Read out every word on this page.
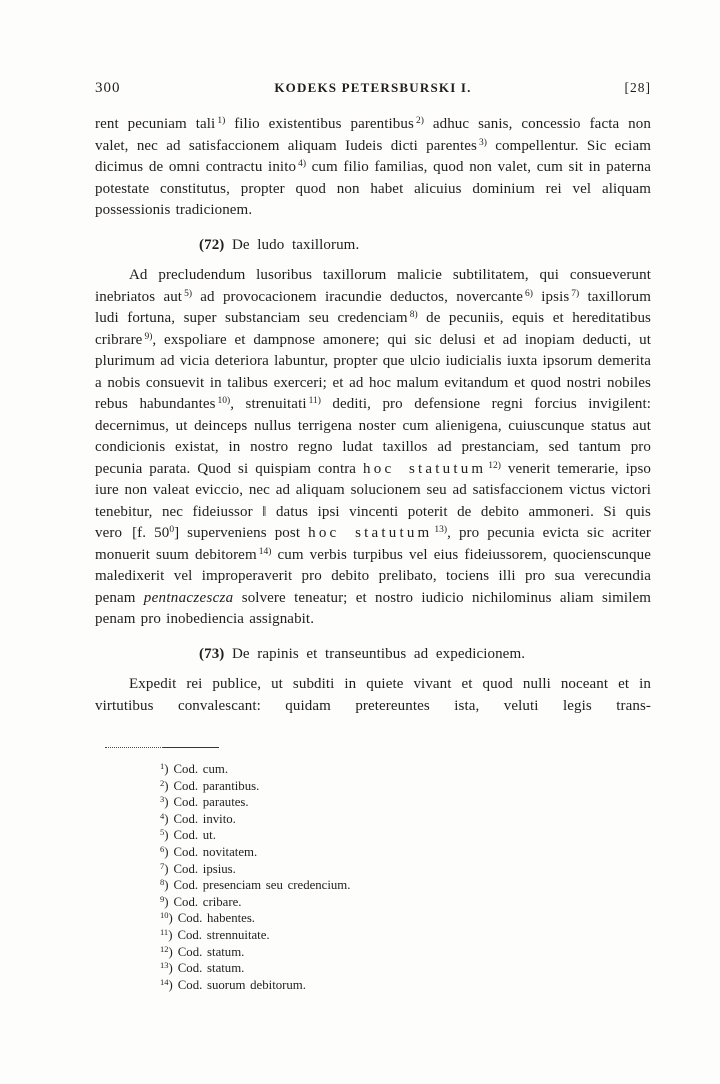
300	KODEKS PETERSBURSKI I.	[28]

rent pecuniam tali $^{1)}$ filio existentibus parentibus $^{2)}$ adhuc sanis, concessio facta non valet, nec ad satisfaccionem aliquam Iudeis dicti parentes $^{3)}$ compellentur. Sic eciam dicimus de omni contractu inito $^{4)}$ cum filio familias, quod non valet, cum sit in paterna potestate constitutus, propter quod non habet alicuius dominium rei vel aliquam possessionis tradicionem.

(72) De ludo taxillorum.

Ad precludendum lusoribus taxillorum malicie subtilitatem, qui consueverunt inebriatos aut $^{5)}$ ad provocacionem iracundie deductos, novercante $^{6)}$ ipsis $^{7)}$ taxillorum ludi fortuna, super substanciam seu credenciam $^{8)}$ de pecuniis, equis et hereditatibus cribrare $^{9)}$, exspoliare et dampnose amonere; qui sic delusi et ad inopiam deducti, ut plurimum ad vicia deteriora labuntur, propter que ulcio iudicialis iuxta ipsorum demerita a nobis consuevit in talibus exerceri; et ad hoc malum evitandum et quod nostri nobiles rebus habundantes $^{10)}$, strenuitati $^{11)}$ dediti, pro defensione regni forcius invigilent: decernimus, ut deinceps nullus terrigena noster cum alienigena, cuiuscunque status aut condicionis existat, in nostro regno ludat taxillos ad prestanciam, sed tantum pro pecunia parata. Quod si quispiam contra hoc statutum $^{12)}$ venerit temerarie, ipso iure non valeat eviccio, nec ad aliquam solucionem seu ad satisfaccionem victus victori tenebitur, nec fideiussor ‖ datus ipsi vincenti poterit de debito ammoneri. Si quis vero [f. $50^0$] superveniens post hoc statutum $^{13)}$, pro pecunia evicta sic acriter monuerit suum debitorem $^{14)}$ cum verbis turpibus vel eius fideiussorem, quocienscunque maledixerit vel improperaverit pro debito prelibato, tociens illi pro sua verecundia penam pentnaczescza solvere teneatur; et nostro iudicio nichilominus aliam similem penam pro inobediencia assignabit.

(73) De rapinis et transeuntibus ad expedicionem.

Expedit rei publice, ut subditi in quiete vivant et quod nulli noceant et in virtutibus convalescant: quidam pretereuntes ista, veluti legis trans-

$^1$) Cod. cum.
$^2$) Cod. parantibus.
$^3$) Cod. parautes.
$^4$) Cod. invito.
$^5$) Cod. ut.
$^6$) Cod. novitatem.
$^7$) Cod. ipsius.
$^8$) Cod. presenciam seu credencium.
$^9$) Cod. cribare.
$^{10}$) Cod. habentes.
$^{11}$) Cod. strennuitate.
$^{12}$) Cod. statum.
$^{13}$) Cod. statum.
$^{14}$) Cod. suorum debitorum.
